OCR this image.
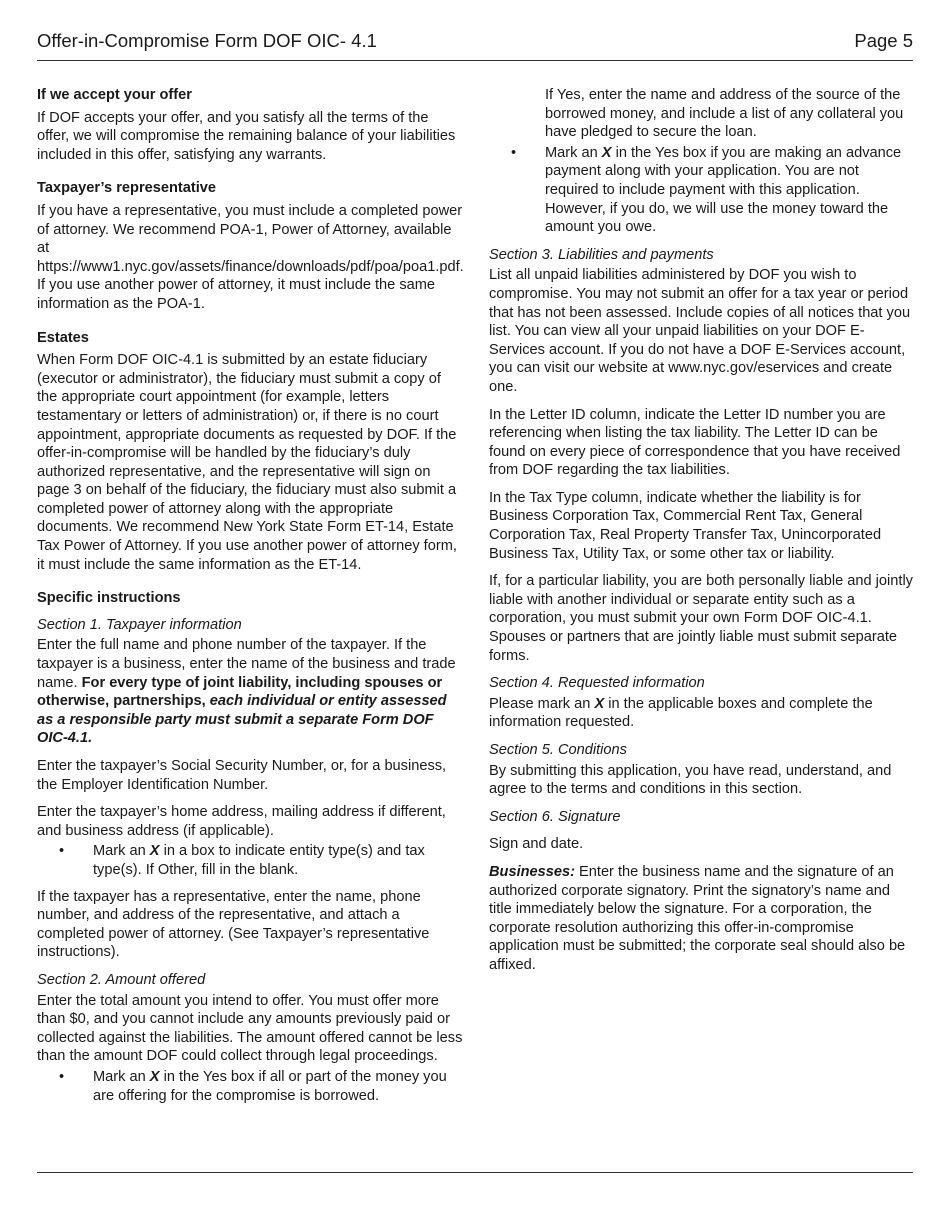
Offer-in-Compromise Form DOF OIC- 4.1	Page 5
If we accept your offer

If DOF accepts your offer, and you satisfy all the terms of the offer, we will compromise the remaining balance of your liabilities included in this offer, satisfying any warrants.

Taxpayer’s representative

If you have a representative, you must include a completed power of attorney. We recommend POA-1, Power of Attorney, available at https://www1.nyc.gov/assets/finance/downloads/pdf/poa/poa1.pdf. If you use another power of attorney, it must include the same information as the POA-1.

Estates

When Form DOF OIC-4.1 is submitted by an estate fiduciary (executor or administrator), the fiduciary must submit a copy of the appropriate court appointment (for example, letters testamentary or letters of administration) or, if there is no court appointment, appropriate documents as requested by DOF. If the offer-in-compromise will be handled by the fiduciary’s duly authorized representative, and the representative will sign on page 3 on behalf of the fiduciary, the fiduciary must also submit a completed power of attorney along with the appropriate documents. We recommend New York State Form ET-14, Estate Tax Power of Attorney. If you use another power of attorney form, it must include the same information as the ET-14.

Specific instructions
Section 1. Taxpayer information

Enter the full name and phone number of the taxpayer. If the taxpayer is a business, enter the name of the business and trade name. For every type of joint liability, including spouses or otherwise, partnerships, each individual or entity assessed as a responsible party must submit a separate Form DOF OIC-4.1.

Enter the taxpayer’s Social Security Number, or, for a business, the Employer Identification Number.

Enter the taxpayer’s home address, mailing address if different, and business address (if applicable).

• Mark an X in a box to indicate entity type(s) and tax type(s). If Other, fill in the blank.

If the taxpayer has a representative, enter the name, phone number, and address of the representative, and attach a completed power of attorney. (See Taxpayer’s representative instructions).

Section 2. Amount offered

Enter the total amount you intend to offer. You must offer more than $0, and you cannot include any amounts previously paid or collected against the liabilities. The amount offered cannot be less than the amount DOF could collect through legal proceedings.

• Mark an X in the Yes box if all or part of the money you are offering for the compromise is borrowed.
If Yes, enter the name and address of the source of the borrowed money, and include a list of any collateral you have pledged to secure the loan.
• Mark an X in the Yes box if you are making an advance payment along with your application. You are not required to include payment with this application. However, if you do, we will use the money toward the amount you owe.
Section 3. Liabilities and payments

List all unpaid liabilities administered by DOF you wish to compromise. You may not submit an offer for a tax year or period that has not been assessed. Include copies of all notices that you list. You can view all your unpaid liabilities on your DOF E-Services account. If you do not have a DOF E-Services account, you can visit our website at www.nyc.gov/eservices and create one.

In the Letter ID column, indicate the Letter ID number you are referencing when listing the tax liability. The Letter ID can be found on every piece of correspondence that you have received from DOF regarding the tax liabilities.

In the Tax Type column, indicate whether the liability is for Business Corporation Tax, Commercial Rent Tax, General Corporation Tax, Real Property Transfer Tax, Unincorporated Business Tax, Utility Tax, or some other tax or liability.

If, for a particular liability, you are both personally liable and jointly liable with another individual or separate entity such as a corporation, you must submit your own Form DOF OIC-4.1. Spouses or partners that are jointly liable must submit separate forms.

Section 4. Requested information

Please mark an X in the applicable boxes and complete the information requested.

Section 5. Conditions

By submitting this application, you have read, understand, and agree to the terms and conditions in this section.

Section 6. Signature

Sign and date.

Businesses: Enter the business name and the signature of an authorized corporate signatory. Print the signatory’s name and title immediately below the signature. For a corporation, the corporate resolution authorizing this offer-in-compromise application must be submitted; the corporate seal should also be affixed.
